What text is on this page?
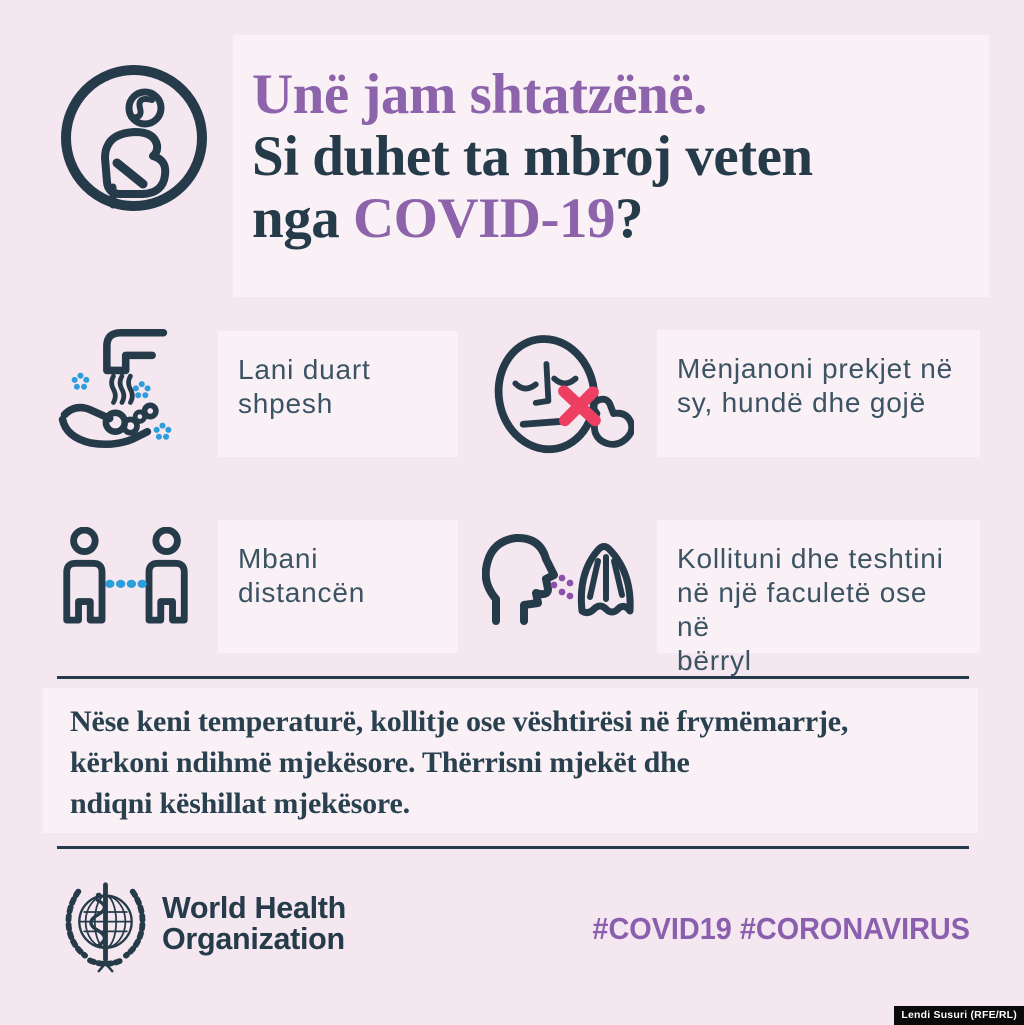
Unë jam shtatzënë.
Si duhet ta mbroj veten
nga COVID-19?
Lani duart
shpesh
Mënjanoni prekjet në
sy, hundë dhe gojë
Mbani
distancën
Kollituni dhe teshtini
në një faculetë ose në
bërryl
Nëse keni temperaturë, kollitje ose vështirësi në frymëmarrje,
kërkoni ndihmë mjekësore. Thërrisni mjekët dhe
ndiqni këshillat mjekësore.
World Health
Organization	#COVID19 #CORONAVIRUS
Lendi Susuri (RFE/RL)
